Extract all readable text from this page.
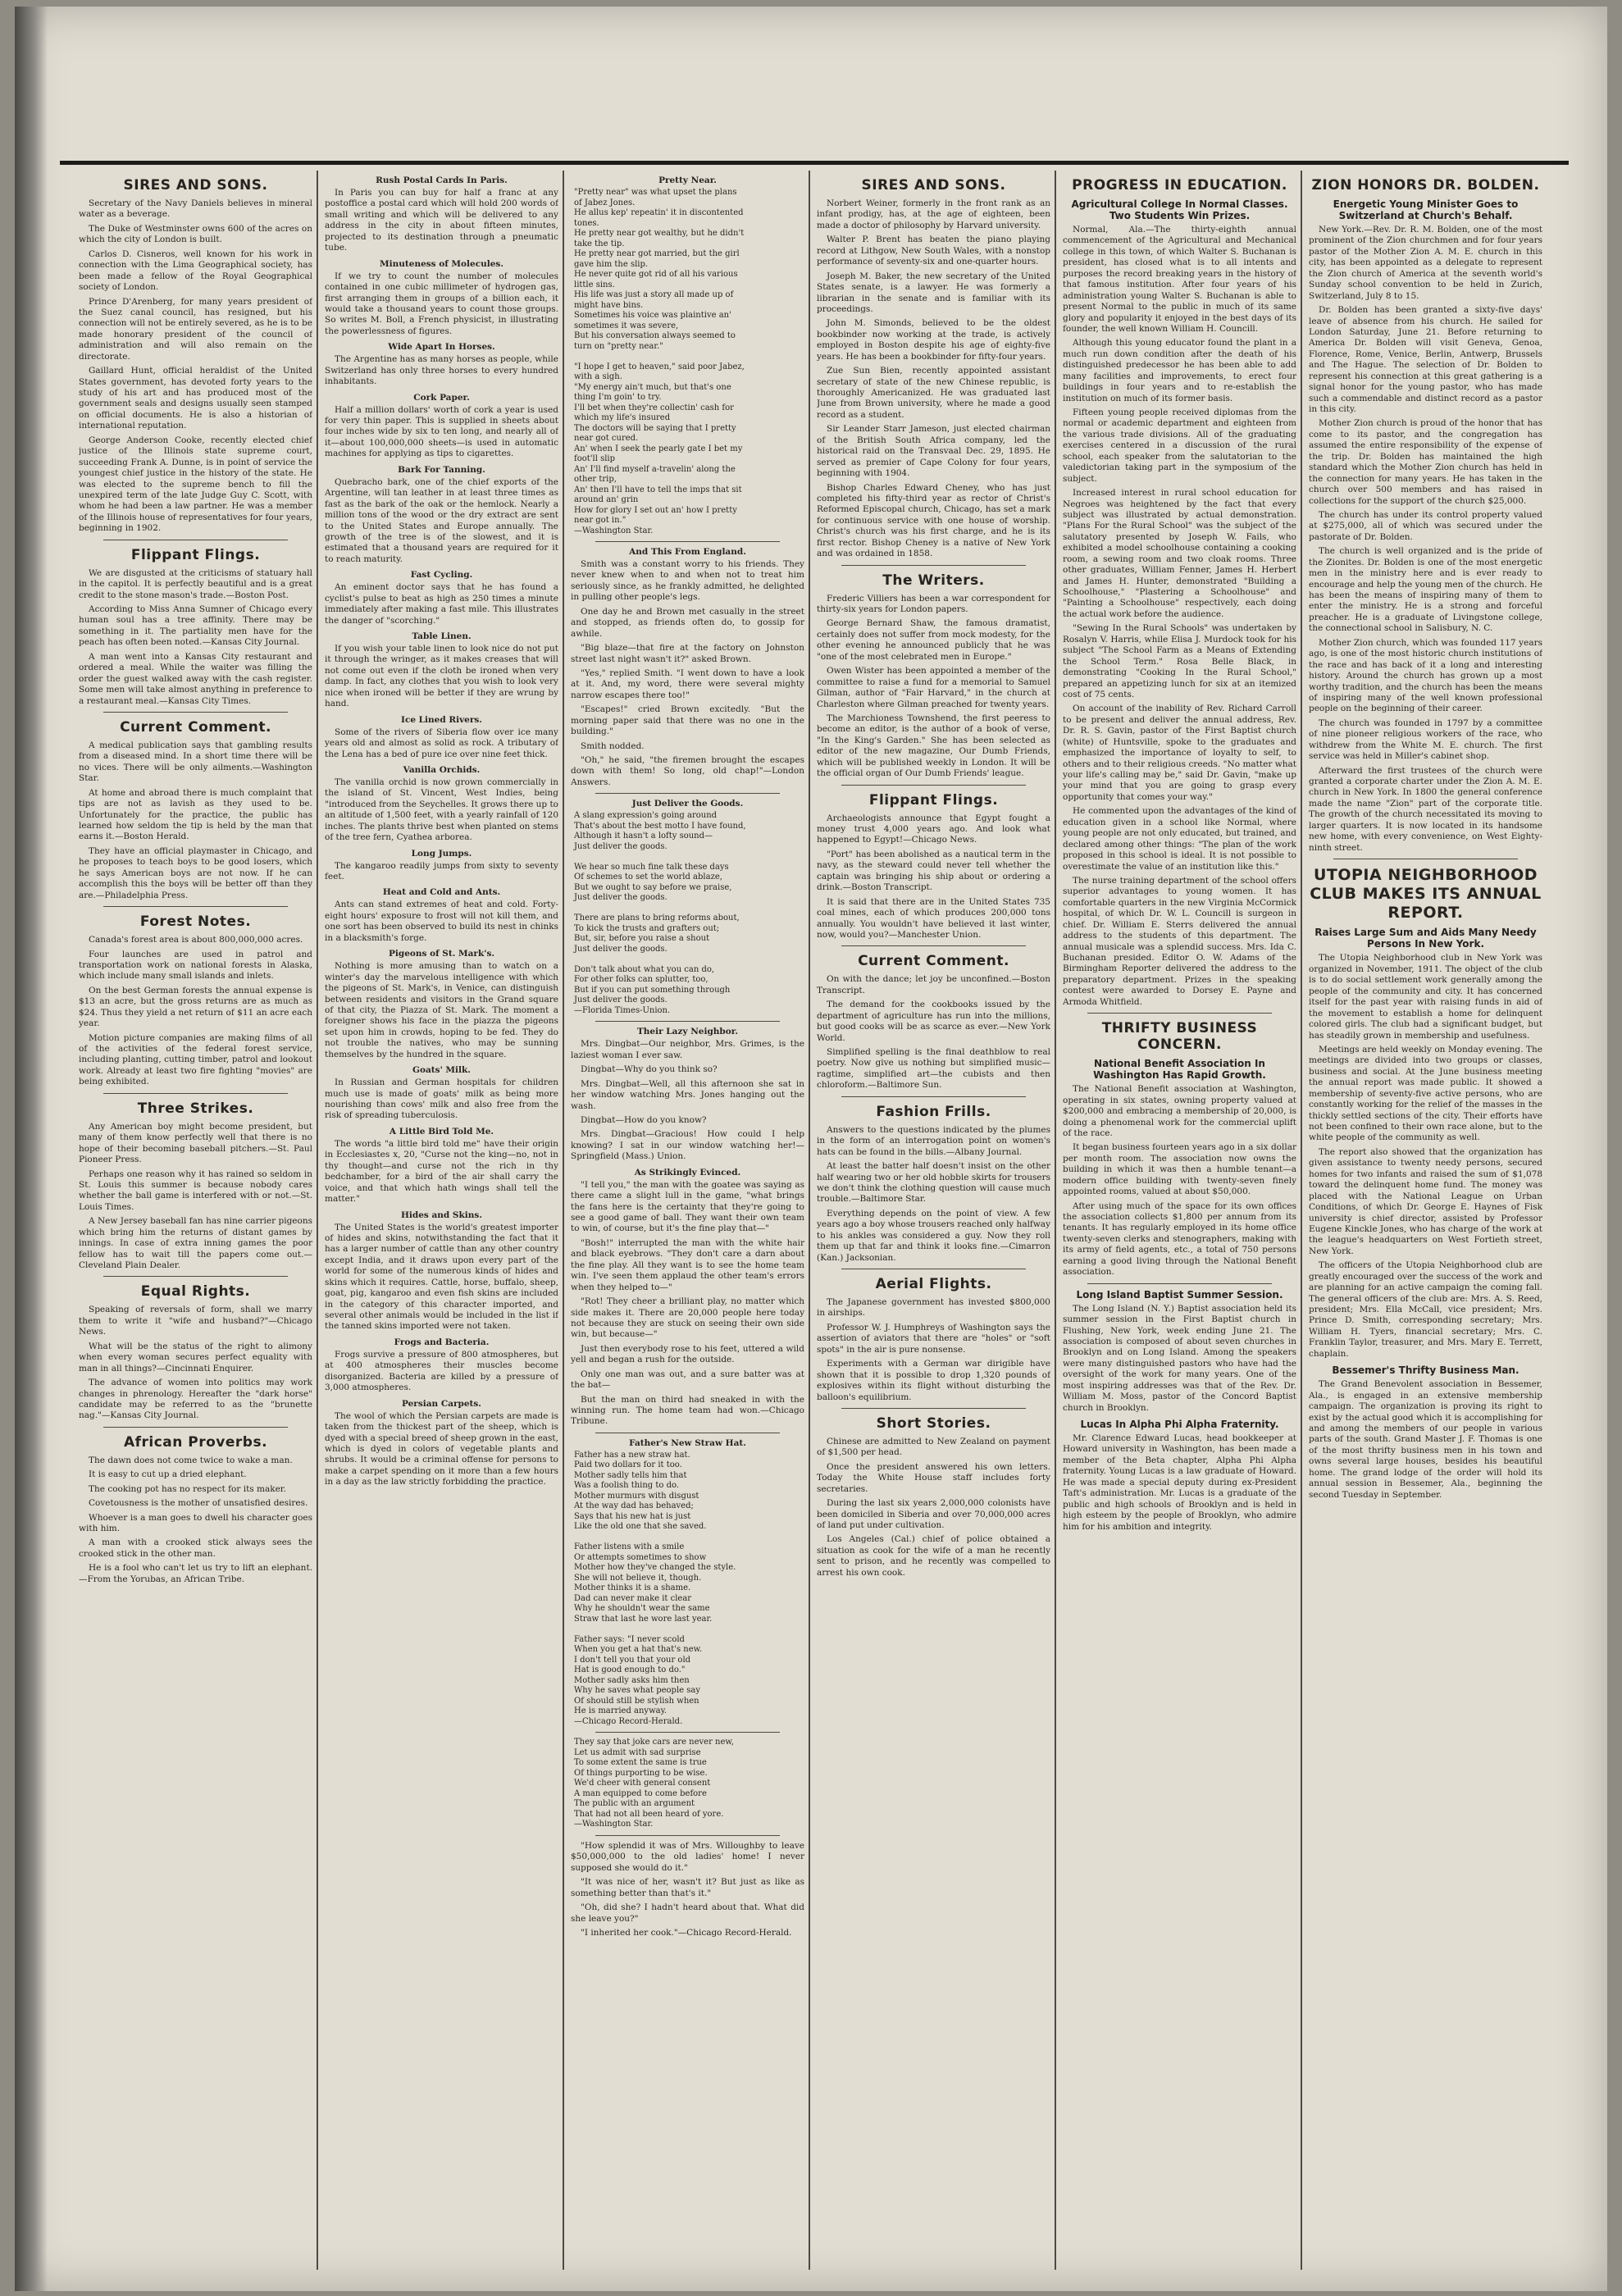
SIRES AND SONS.

Secretary of the Navy Daniels believes in mineral water as a beverage.

The Duke of Westminster owns 600 of the acres on which the city of London is built.

Carlos D. Cisneros, well known for his work in connection with the Lima Geographical society, has been made a fellow of the Royal Geographical society of London.

Prince D'Arenberg, for many years president of the Suez canal council, has resigned, but his connection will not be entirely severed, as he is to be made honorary president of the council of administration and will also remain on the directorate.

Gaillard Hunt, official heraldist of the United States government, has devoted forty years to the study of his art and has produced most of the government seals and designs usually seen stamped on official documents. He is also a historian of international reputation.

George Anderson Cooke, recently elected chief justice of the Illinois state supreme court, succeeding Frank A. Dunne, is in point of service the youngest chief justice in the history of the state. He was elected to the supreme bench to fill the unexpired term of the late Judge Guy C. Scott, with whom he had been a law partner. He was a member of the Illinois house of representatives for four years, beginning in 1902.

Flippant Flings.

We are disgusted at the criticisms of statuary hall in the capitol. It is perfectly beautiful and is a great credit to the stone mason's trade.—Boston Post.

According to Miss Anna Sumner of Chicago every human soul has a tree affinity. There may be something in it. The partiality men have for the peach has often been noted.—Kansas City Journal.

A man went into a Kansas City restaurant and ordered a meal. While the waiter was filling the order the guest walked away with the cash register. Some men will take almost anything in preference to a restaurant meal.—Kansas City Times.

Current Comment.

A medical publication says that gambling results from a diseased mind. In a short time there will be no vices. There will be only ailments.—Washington Star.

At home and abroad there is much complaint that tips are not as lavish as they used to be. Unfortunately for the practice, the public has learned how seldom the tip is held by the man that earns it.—Boston Herald.

They have an official playmaster in Chicago, and he proposes to teach boys to be good losers, which he says American boys are not now. If he can accomplish this the boys will be better off than they are.—Philadelphia Press.

Forest Notes.

Canada's forest area is about 800,000,000 acres.

Four launches are used in patrol and transportation work on national forests in Alaska, which include many small islands and inlets.

On the best German forests the annual expense is $13 an acre, but the gross returns are as much as $24. Thus they yield a net return of $11 an acre each year.

Motion picture companies are making films of all of the activities of the federal forest service, including planting, cutting timber, patrol and lookout work. Already at least two fire fighting "movies" are being exhibited.

Three Strikes.

Any American boy might become president, but many of them know perfectly well that there is no hope of their becoming baseball pitchers.—St. Paul Pioneer Press.

Perhaps one reason why it has rained so seldom in St. Louis this summer is because nobody cares whether the ball game is interfered with or not.—St. Louis Times.

A New Jersey baseball fan has nine carrier pigeons which bring him the returns of distant games by innings. In case of extra inning games the poor fellow has to wait till the papers come out.—Cleveland Plain Dealer.

Equal Rights.

Speaking of reversals of form, shall we marry them to write it "wife and husband?"—Chicago News.

What will be the status of the right to alimony when every woman secures perfect equality with man in all things?—Cincinnati Enquirer.

The advance of women into politics may work changes in phrenology. Hereafter the "dark horse" candidate may be referred to as the "brunette nag."—Kansas City Journal.

African Proverbs.

The dawn does not come twice to wake a man.

It is easy to cut up a dried elephant.

The cooking pot has no respect for its maker.

Covetousness is the mother of unsatisfied desires.

Whoever is a man goes to dwell his character goes with him.

A man with a crooked stick always sees the crooked stick in the other man.

He is a fool who can't let us try to lift an elephant.—From the Yorubas, an African Tribe.

Rush Postal Cards In Paris.

In Paris you can buy for half a franc at any postoffice a postal card which will hold 200 words of small writing and which will be delivered to any address in the city in about fifteen minutes, projected to its destination through a pneumatic tube.

Minuteness of Molecules.

If we try to count the number of molecules contained in one cubic millimeter of hydrogen gas, first arranging them in groups of a billion each, it would take a thousand years to count those groups. So writes M. Boll, a French physicist, in illustrating the powerlessness of figures.

Wide Apart In Horses.

The Argentine has as many horses as people, while Switzerland has only three horses to every hundred inhabitants.

Cork Paper.

Half a million dollars' worth of cork a year is used for very thin paper. This is supplied in sheets about four inches wide by six to ten long, and nearly all of it—about 100,000,000 sheets—is used in automatic machines for applying as tips to cigarettes.

Bark For Tanning.

Quebracho bark, one of the chief exports of the Argentine, will tan leather in at least three times as fast as the bark of the oak or the hemlock. Nearly a million tons of the wood or the dry extract are sent to the United States and Europe annually. The growth of the tree is of the slowest, and it is estimated that a thousand years are required for it to reach maturity.

Fast Cycling.

An eminent doctor says that he has found a cyclist's pulse to beat as high as 250 times a minute immediately after making a fast mile. This illustrates the danger of "scorching."

Table Linen.

If you wish your table linen to look nice do not put it through the wringer, as it makes creases that will not come out even if the cloth be ironed when very damp. In fact, any clothes that you wish to look very nice when ironed will be better if they are wrung by hand.

Ice Lined Rivers.

Some of the rivers of Siberia flow over ice many years old and almost as solid as rock. A tributary of the Lena has a bed of pure ice over nine feet thick.

Vanilla Orchids.

The vanilla orchid is now grown commercially in the island of St. Vincent, West Indies, being "introduced from the Seychelles. It grows there up to an altitude of 1,500 feet, with a yearly rainfall of 120 inches. The plants thrive best when planted on stems of the tree fern, Cyathea arborea.

Long Jumps.

The kangaroo readily jumps from sixty to seventy feet.

Heat and Cold and Ants.

Ants can stand extremes of heat and cold. Forty-eight hours' exposure to frost will not kill them, and one sort has been observed to build its nest in chinks in a blacksmith's forge.

Pigeons of St. Mark's.

Nothing is more amusing than to watch on a winter's day the marvelous intelligence with which the pigeons of St. Mark's, in Venice, can distinguish between residents and visitors in the Grand square of that city, the Piazza of St. Mark. The moment a foreigner shows his face in the piazza the pigeons set upon him in crowds, hoping to be fed. They do not trouble the natives, who may be sunning themselves by the hundred in the square.

Goats' Milk.

In Russian and German hospitals for children much use is made of goats' milk as being more nourishing than cows' milk and also free from the risk of spreading tuberculosis.

A Little Bird Told Me.

The words "a little bird told me" have their origin in Ecclesiastes x, 20, "Curse not the king—no, not in thy thought—and curse not the rich in thy bedchamber, for a bird of the air shall carry the voice, and that which hath wings shall tell the matter."

Hides and Skins.

The United States is the world's greatest importer of hides and skins, notwithstanding the fact that it has a larger number of cattle than any other country except India, and it draws upon every part of the world for some of the numerous kinds of hides and skins which it requires. Cattle, horse, buffalo, sheep, goat, pig, kangaroo and even fish skins are included in the category of this character imported, and several other animals would be included in the list if the tanned skins imported were not taken.

Frogs and Bacteria.

Frogs survive a pressure of 800 atmospheres, but at 400 atmospheres their muscles become disorganized. Bacteria are killed by a pressure of 3,000 atmospheres.

Persian Carpets.

The wool of which the Persian carpets are made is taken from the thickest part of the sheep, which is dyed with a special breed of sheep grown in the east, which is dyed in colors of vegetable plants and shrubs. It would be a criminal offense for persons to make a carpet spending on it more than a few hours in a day as the law strictly forbidding the practice.

Pretty Near.
"Pretty near" was what upset the plans
of Jabez Jones.
He allus kep' repeatin' it in discontented
tones.
He pretty near got wealthy, but he didn't
take the tip.
He pretty near got married, but the girl
gave him the slip.
He never quite got rid of all his various
little sins.
His life was just a story all made up of
might have bins.
Sometimes his voice was plaintive an'
sometimes it was severe,
But his conversation always seemed to
turn on "pretty near."

"I hope I get to heaven," said poor Jabez,
with a sigh.
"My energy ain't much, but that's one
thing I'm goin' to try.
I'll bet when they're collectin' cash for
which my life's insured
The doctors will be saying that I pretty
near got cured.
An' when I seek the pearly gate I bet my
foot'll slip
An' I'll find myself a-travelin' along the
other trip,
An' then I'll have to tell the imps that sit
around an' grin
How for glory I set out an' how I pretty
near got in."
—Washington Star.
And This From England.

Smith was a constant worry to his friends. They never knew when to and when not to treat him seriously since, as he frankly admitted, he delighted in pulling other people's legs.

One day he and Brown met casually in the street and stopped, as friends often do, to gossip for awhile.

"Big blaze—that fire at the factory on Johnston street last night wasn't it?" asked Brown.

"Yes," replied Smith. "I went down to have a look at it. And, my word, there were several mighty narrow escapes there too!"

"Escapes!" cried Brown excitedly. "But the morning paper said that there was no one in the building."

Smith nodded.

"Oh," he said, "the firemen brought the escapes down with them! So long, old chap!"—London Answers.

Just Deliver the Goods.
A slang expression's going around
That's about the best motto I have found,
Although it hasn't a lofty sound—
Just deliver the goods.

We hear so much fine talk these days
Of schemes to set the world ablaze,
But we ought to say before we praise,
Just deliver the goods.

There are plans to bring reforms about,
To kick the trusts and grafters out;
But, sir, before you raise a shout
Just deliver the goods.

Don't talk about what you can do,
For other folks can splutter, too,
But if you can put something through
Just deliver the goods.
—Florida Times-Union.
Their Lazy Neighbor.

Mrs. Dingbat—Our neighbor, Mrs. Grimes, is the laziest woman I ever saw.

Dingbat—Why do you think so?

Mrs. Dingbat—Well, all this afternoon she sat in her window watching Mrs. Jones hanging out the wash.

Dingbat—How do you know?

Mrs. Dingbat—Gracious! How could I help knowing? I sat in our window watching her!—Springfield (Mass.) Union.

As Strikingly Evinced.

"I tell you," the man with the goatee was saying as there came a slight lull in the game, "what brings the fans here is the certainty that they're going to see a good game of ball. They want their own team to win, of course, but it's the fine play that—"

"Bosh!" interrupted the man with the white hair and black eyebrows. "They don't care a darn about the fine play. All they want is to see the home team win. I've seen them applaud the other team's errors when they helped to—"

"Rot! They cheer a brilliant play, no matter which side makes it. There are 20,000 people here today not because they are stuck on seeing their own side win, but because—"

Just then everybody rose to his feet, uttered a wild yell and began a rush for the outside.

Only one man was out, and a sure batter was at the bat—

But the man on third had sneaked in with the winning run. The home team had won.—Chicago Tribune.

Father's New Straw Hat.
Father has a new straw hat.
Paid two dollars for it too.
Mother sadly tells him that
Was a foolish thing to do.
Mother murmurs with disgust
At the way dad has behaved;
Says that his new hat is just
Like the old one that she saved.

Father listens with a smile
Or attempts sometimes to show
Mother how they've changed the style.
She will not believe it, though.
Mother thinks it is a shame.
Dad can never make it clear
Why he shouldn't wear the same
Straw that last he wore last year.

Father says: "I never scold
When you get a hat that's new.
I don't tell you that your old
Hat is good enough to do."
Mother sadly asks him then
Why he saves what people say
Of should still be stylish when
He is married anyway.
—Chicago Record-Herald.
They say that joke cars are never new,
Let us admit with sad surprise
To some extent the same is true
Of things purporting to be wise.
We'd cheer with general consent
A man equipped to come before
The public with an argument
That had not all been heard of yore.
—Washington Star.

"How splendid it was of Mrs. Willoughby to leave $50,000,000 to the old ladies' home! I never supposed she would do it."

"It was nice of her, wasn't it? But just as like as something better than that's it."

"Oh, did she? I hadn't heard about that. What did she leave you?"

"I inherited her cook."—Chicago Record-Herald.

SIRES AND SONS.

Norbert Weiner, formerly in the front rank as an infant prodigy, has, at the age of eighteen, been made a doctor of philosophy by Harvard university.

Walter P. Brent has beaten the piano playing record at Lithgow, New South Wales, with a nonstop performance of seventy-six and one-quarter hours.

Joseph M. Baker, the new secretary of the United States senate, is a lawyer. He was formerly a librarian in the senate and is familiar with its proceedings.

John M. Simonds, believed to be the oldest bookbinder now working at the trade, is actively employed in Boston despite his age of eighty-five years. He has been a bookbinder for fifty-four years.

Zue Sun Bien, recently appointed assistant secretary of state of the new Chinese republic, is thoroughly Americanized. He was graduated last June from Brown university, where he made a good record as a student.

Sir Leander Starr Jameson, just elected chairman of the British South Africa company, led the historical raid on the Transvaal Dec. 29, 1895. He served as premier of Cape Colony for four years, beginning with 1904.

Bishop Charles Edward Cheney, who has just completed his fifty-third year as rector of Christ's Reformed Episcopal church, Chicago, has set a mark for continuous service with one house of worship. Christ's church was his first charge, and he is its first rector. Bishop Cheney is a native of New York and was ordained in 1858.

The Writers.

Frederic Villiers has been a war correspondent for thirty-six years for London papers.

George Bernard Shaw, the famous dramatist, certainly does not suffer from mock modesty, for the other evening he announced publicly that he was "one of the most celebrated men in Europe."

Owen Wister has been appointed a member of the committee to raise a fund for a memorial to Samuel Gilman, author of "Fair Harvard," in the church at Charleston where Gilman preached for twenty years.

The Marchioness Townshend, the first peeress to become an editor, is the author of a book of verse, "In the King's Garden." She has been selected as editor of the new magazine, Our Dumb Friends, which will be published weekly in London. It will be the official organ of Our Dumb Friends' league.

Flippant Flings.

Archaeologists announce that Egypt fought a money trust 4,000 years ago. And look what happened to Egypt!—Chicago News.

"Port" has been abolished as a nautical term in the navy, as the steward could never tell whether the captain was bringing his ship about or ordering a drink.—Boston Transcript.

It is said that there are in the United States 735 coal mines, each of which produces 200,000 tons annually. You wouldn't have believed it last winter, now, would you?—Manchester Union.

Current Comment.

On with the dance; let joy be unconfined.—Boston Transcript.

The demand for the cookbooks issued by the department of agriculture has run into the millions, but good cooks will be as scarce as ever.—New York World.

Simplified spelling is the final deathblow to real poetry. Now give us nothing but simplified music—ragtime, simplified art—the cubists and then chloroform.—Baltimore Sun.

Fashion Frills.

Answers to the questions indicated by the plumes in the form of an interrogation point on women's hats can be found in the bills.—Albany Journal.

At least the batter half doesn't insist on the other half wearing two or her old hobble skirts for trousers we don't think the clothing question will cause much trouble.—Baltimore Star.

Everything depends on the point of view. A few years ago a boy whose trousers reached only halfway to his ankles was considered a guy. Now they roll them up that far and think it looks fine.—Cimarron (Kan.) Jacksonian.

Aerial Flights.

The Japanese government has invested $800,000 in airships.

Professor W. J. Humphreys of Washington says the assertion of aviators that there are "holes" or "soft spots" in the air is pure nonsense.

Experiments with a German war dirigible have shown that it is possible to drop 1,320 pounds of explosives within its flight without disturbing the balloon's equilibrium.

Short Stories.

Chinese are admitted to New Zealand on payment of $1,500 per head.

Once the president answered his own letters. Today the White House staff includes forty secretaries.

During the last six years 2,000,000 colonists have been domiciled in Siberia and over 70,000,000 acres of land put under cultivation.

Los Angeles (Cal.) chief of police obtained a situation as cook for the wife of a man he recently sent to prison, and he recently was compelled to arrest his own cook.

PROGRESS IN EDUCATION.
Agricultural College In Normal Classes. Two Students Win Prizes.

Normal, Ala.—The thirty-eighth annual commencement of the Agricultural and Mechanical college in this town, of which Walter S. Buchanan is president, has closed what is to all intents and purposes the record breaking years in the history of that famous institution. After four years of his administration young Walter S. Buchanan is able to present Normal to the public in much of its same glory and popularity it enjoyed in the best days of its founder, the well known William H. Councill.

Although this young educator found the plant in a much run down condition after the death of his distinguished predecessor he has been able to add many facilities and improvements, to erect four buildings in four years and to re-establish the institution on much of its former basis.

Fifteen young people received diplomas from the normal or academic department and eighteen from the various trade divisions. All of the graduating exercises centered in a discussion of the rural school, each speaker from the salutatorian to the valedictorian taking part in the symposium of the subject.

Increased interest in rural school education for Negroes was heightened by the fact that every subject was illustrated by actual demonstration. "Plans For the Rural School" was the subject of the salutatory presented by Joseph W. Fails, who exhibited a model schoolhouse containing a cooking room, a sewing room and two cloak rooms. Three other graduates, William Fenner, James H. Herbert and James H. Hunter, demonstrated "Building a Schoolhouse," "Plastering a Schoolhouse" and "Painting a Schoolhouse" respectively, each doing the actual work before the audience.

"Sewing In the Rural Schools" was undertaken by Rosalyn V. Harris, while Elisa J. Murdock took for his subject "The School Farm as a Means of Extending the School Term." Rosa Belle Black, in demonstrating "Cooking In the Rural School," prepared an appetizing lunch for six at an itemized cost of 75 cents.

On account of the inability of Rev. Richard Carroll to be present and deliver the annual address, Rev. Dr. R. S. Gavin, pastor of the First Baptist church (white) of Huntsville, spoke to the graduates and emphasized the importance of loyalty to self, to others and to their religious creeds. "No matter what your life's calling may be," said Dr. Gavin, "make up your mind that you are going to grasp every opportunity that comes your way."

He commented upon the advantages of the kind of education given in a school like Normal, where young people are not only educated, but trained, and declared among other things: "The plan of the work proposed in this school is ideal. It is not possible to overestimate the value of an institution like this."

The nurse training department of the school offers superior advantages to young women. It has comfortable quarters in the new Virginia McCormick hospital, of which Dr. W. L. Councill is surgeon in chief. Dr. William E. Sterrs delivered the annual address to the students of this department. The annual musicale was a splendid success. Mrs. Ida C. Buchanan presided. Editor O. W. Adams of the Birmingham Reporter delivered the address to the preparatory department. Prizes in the speaking contest were awarded to Dorsey E. Payne and Armoda Whitfield.

THRIFTY BUSINESS CONCERN.
National Benefit Association In Washington Has Rapid Growth.

The National Benefit association at Washington, operating in six states, owning property valued at $200,000 and embracing a membership of 20,000, is doing a phenomenal work for the commercial uplift of the race.

It began business fourteen years ago in a six dollar per month room. The association now owns the building in which it was then a humble tenant—a modern office building with twenty-seven finely appointed rooms, valued at about $50,000.

After using much of the space for its own offices the association collects $1,800 per annum from its tenants. It has regularly employed in its home office twenty-seven clerks and stenographers, making with its army of field agents, etc., a total of 750 persons earning a good living through the National Benefit association.

Long Island Baptist Summer Session.

The Long Island (N. Y.) Baptist association held its summer session in the First Baptist church in Flushing, New York, week ending June 21. The association is composed of about seven churches in Brooklyn and on Long Island. Among the speakers were many distinguished pastors who have had the oversight of the work for many years. One of the most inspiring addresses was that of the Rev. Dr. William M. Moss, pastor of the Concord Baptist church in Brooklyn.

Lucas In Alpha Phi Alpha Fraternity.

Mr. Clarence Edward Lucas, head bookkeeper at Howard university in Washington, has been made a member of the Beta chapter, Alpha Phi Alpha fraternity. Young Lucas is a law graduate of Howard. He was made a special deputy during ex-President Taft's administration. Mr. Lucas is a graduate of the public and high schools of Brooklyn and is held in high esteem by the people of Brooklyn, who admire him for his ambition and integrity.

ZION HONORS DR. BOLDEN.
Energetic Young Minister Goes to Switzerland at Church's Behalf.

New York.—Rev. Dr. R. M. Bolden, one of the most prominent of the Zion churchmen and for four years pastor of the Mother Zion A. M. E. church in this city, has been appointed as a delegate to represent the Zion church of America at the seventh world's Sunday school convention to be held in Zurich, Switzerland, July 8 to 15.

Dr. Bolden has been granted a sixty-five days' leave of absence from his church. He sailed for London Saturday, June 21. Before returning to America Dr. Bolden will visit Geneva, Genoa, Florence, Rome, Venice, Berlin, Antwerp, Brussels and The Hague. The selection of Dr. Bolden to represent his connection at this great gathering is a signal honor for the young pastor, who has made such a commendable and distinct record as a pastor in this city.

Mother Zion church is proud of the honor that has come to its pastor, and the congregation has assumed the entire responsibility of the expense of the trip. Dr. Bolden has maintained the high standard which the Mother Zion church has held in the connection for many years. He has taken in the church over 500 members and has raised in collections for the support of the church $25,000.

The church has under its control property valued at $275,000, all of which was secured under the pastorate of Dr. Bolden.

The church is well organized and is the pride of the Zionites. Dr. Bolden is one of the most energetic men in the ministry here and is ever ready to encourage and help the young men of the church. He has been the means of inspiring many of them to enter the ministry. He is a strong and forceful preacher. He is a graduate of Livingstone college, the connectional school in Salisbury, N. C.

Mother Zion church, which was founded 117 years ago, is one of the most historic church institutions of the race and has back of it a long and interesting history. Around the church has grown up a most worthy tradition, and the church has been the means of inspiring many of the well known professional people on the beginning of their career.

The church was founded in 1797 by a committee of nine pioneer religious workers of the race, who withdrew from the White M. E. church. The first service was held in Miller's cabinet shop.

Afterward the first trustees of the church were granted a corporate charter under the Zion A. M. E. church in New York. In 1800 the general conference made the name "Zion" part of the corporate title. The growth of the church necessitated its moving to larger quarters. It is now located in its handsome new home, with every convenience, on West Eighty-ninth street.

UTOPIA NEIGHBORHOOD CLUB MAKES ITS ANNUAL REPORT.
Raises Large Sum and Aids Many Needy Persons In New York.

The Utopia Neighborhood club in New York was organized in November, 1911. The object of the club is to do social settlement work generally among the people of the community and city. It has concerned itself for the past year with raising funds in aid of the movement to establish a home for delinquent colored girls. The club had a significant budget, but has steadily grown in membership and usefulness.

Meetings are held weekly on Monday evening. The meetings are divided into two groups or classes, business and social. At the June business meeting the annual report was made public. It showed a membership of seventy-five active persons, who are constantly working for the relief of the masses in the thickly settled sections of the city. Their efforts have not been confined to their own race alone, but to the white people of the community as well.

The report also showed that the organization has given assistance to twenty needy persons, secured homes for two infants and raised the sum of $1,078 toward the delinquent home fund. The money was placed with the National League on Urban Conditions, of which Dr. George E. Haynes of Fisk university is chief director, assisted by Professor Eugene Kinckle Jones, who has charge of the work at the league's headquarters on West Fortieth street, New York.

The officers of the Utopia Neighborhood club are greatly encouraged over the success of the work and are planning for an active campaign the coming fall. The general officers of the club are: Mrs. A. S. Reed, president; Mrs. Ella McCall, vice president; Mrs. Prince D. Smith, corresponding secretary; Mrs. William H. Tyers, financial secretary; Mrs. C. Franklin Taylor, treasurer, and Mrs. Mary E. Terrett, chaplain.

Bessemer's Thrifty Business Man.

The Grand Benevolent association in Bessemer, Ala., is engaged in an extensive membership campaign. The organization is proving its right to exist by the actual good which it is accomplishing for and among the members of our people in various parts of the south. Grand Master J. F. Thomas is one of the most thrifty business men in his town and owns several large houses, besides his beautiful home. The grand lodge of the order will hold its annual session in Bessemer, Ala., beginning the second Tuesday in September.
